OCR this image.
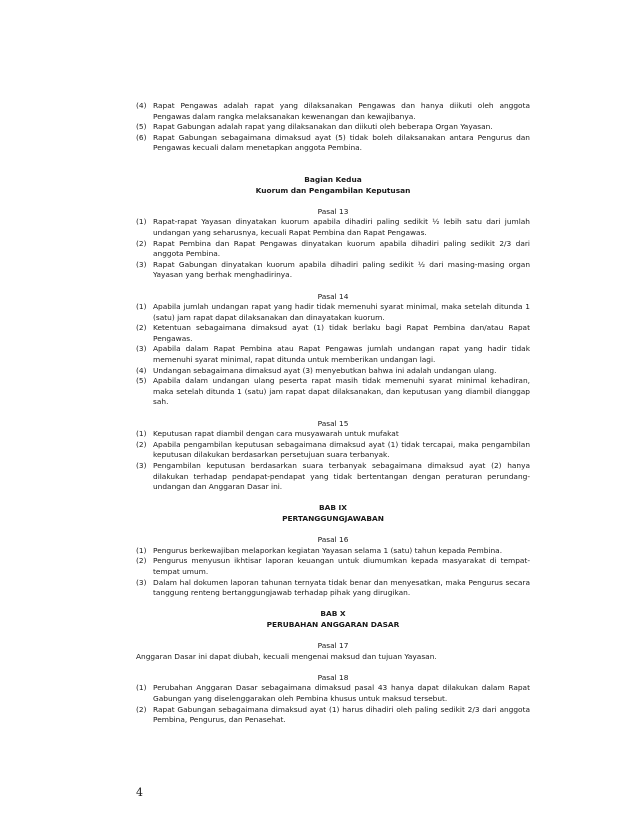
(4) Rapat Pengawas adalah rapat yang dilaksanakan Pengawas dan hanya diikuti oleh anggota Pengawas dalam rangka melaksanakan kewenangan dan kewajibanya.
(5) Rapat Gabungan adalah rapat yang dilaksanakan dan diikuti oleh beberapa Organ Yayasan.
(6) Rapat Gabungan sebagaimana dimaksud ayat (5) tidak boleh dilaksanakan antara Pengurus dan Pengawas kecuali dalam menetapkan anggota Pembina.
Bagian Kedua
Kuorum dan Pengambilan Keputusan
Pasal 13
(1) Rapat-rapat Yayasan dinyatakan kuorum apabila dihadiri paling sedikit ½ lebih satu dari jumlah undangan yang seharusnya, kecuali Rapat Pembina dan Rapat Pengawas.
(2) Rapat Pembina dan Rapat Pengawas dinyatakan kuorum apabila dihadiri paling sedikit 2/3 dari anggota Pembina.
(3) Rapat Gabungan dinyatakan kuorum apabila dihadiri paling sedikit ½ dari masing-masing organ Yayasan yang berhak menghadirinya.
Pasal 14
(1) Apabila jumlah undangan rapat yang hadir tidak memenuhi syarat minimal, maka setelah ditunda 1 (satu) jam rapat dapat dilaksanakan dan dinayatakan kuorum.
(2) Ketentuan sebagaimana dimaksud ayat (1) tidak berlaku bagi Rapat Pembina dan/atau Rapat Pengawas.
(3) Apabila dalam Rapat Pembina atau Rapat Pengawas jumlah undangan rapat yang hadir tidak memenuhi syarat minimal, rapat ditunda untuk memberikan undangan lagi.
(4) Undangan sebagaimana dimaksud ayat (3) menyebutkan bahwa ini adalah undangan ulang.
(5) Apabila dalam undangan ulang peserta rapat masih tidak memenuhi syarat minimal kehadiran, maka setelah ditunda 1 (satu) jam rapat dapat dilaksanakan, dan keputusan yang diambil dianggap sah.
Pasal 15
(1) Keputusan rapat diambil dengan cara musyawarah untuk mufakat
(2) Apabila pengambilan keputusan sebagaimana dimaksud ayat (1) tidak tercapai, maka pengambilan keputusan dilakukan berdasarkan persetujuan suara terbanyak.
(3) Pengambilan keputusan berdasarkan suara terbanyak sebagaimana dimaksud ayat (2) hanya dilakukan terhadap pendapat-pendapat yang tidak bertentangan dengan peraturan perundang-undangan dan Anggaran Dasar ini.
BAB IX
PERTANGGUNGJAWABAN
Pasal 16
(1) Pengurus berkewajiban melaporkan kegiatan Yayasan selama 1 (satu) tahun kepada Pembina.
(2) Pengurus menyusun ikhtisar laporan keuangan untuk diumumkan kepada masyarakat di tempat-tempat umum.
(3) Dalam hal dokumen laporan tahunan ternyata tidak benar dan menyesatkan, maka Pengurus secara tanggung renteng bertanggungjawab terhadap pihak yang dirugikan.
BAB X
PERUBAHAN ANGGARAN DASAR
Pasal 17
Anggaran Dasar ini dapat diubah, kecuali mengenai maksud dan tujuan Yayasan.
Pasal 18
(1) Perubahan Anggaran Dasar sebagaimana dimaksud pasal 43 hanya dapat dilakukan dalam Rapat Gabungan yang diselenggarakan oleh Pembina khusus untuk maksud tersebut.
(2) Rapat Gabungan sebagaimana dimaksud ayat (1) harus dihadiri oleh paling sedikit 2/3 dari anggota Pembina, Pengurus, dan Penasehat.
4
